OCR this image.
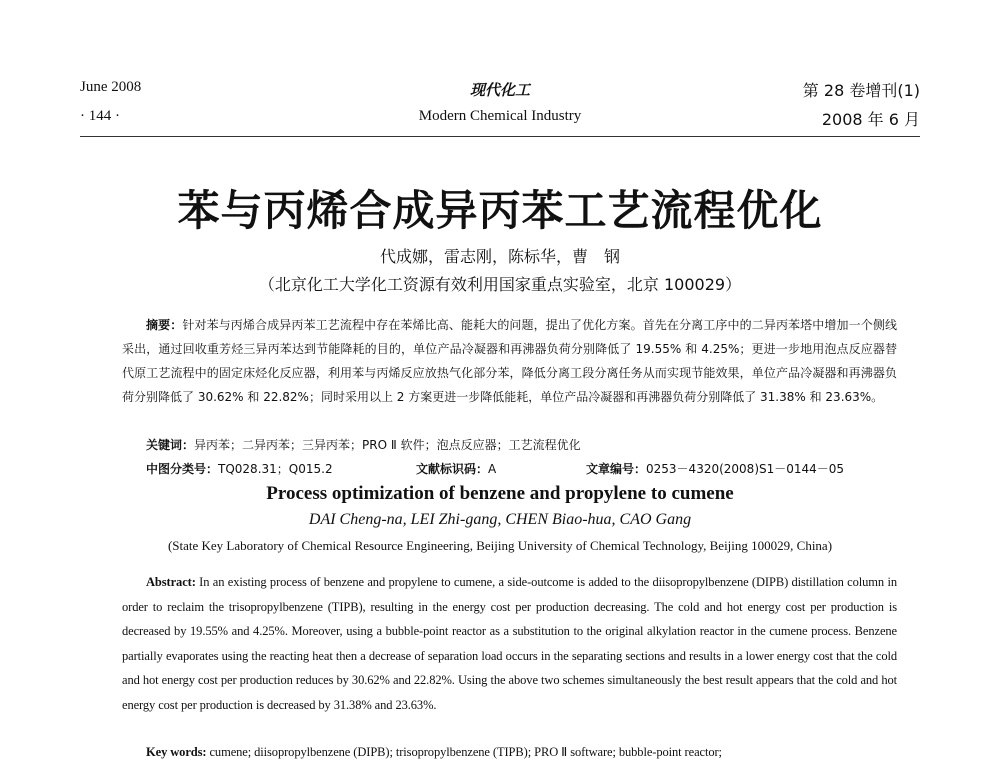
June 2008	现代化工	第 28 卷增刊(1)
· 144 ·	Modern Chemical Industry	2008 年 6 月
苯与丙烯合成异丙苯工艺流程优化
代成娜，雷志刚，陈标华，曹　钢
（北京化工大学化工资源有效利用国家重点实验室，北京 100029）
摘要：针对苯与丙烯合成异丙苯工艺流程中存在苯烯比高、能耗大的问题，提出了优化方案。首先在分离工序中的二异丙苯塔中增加一个侧线采出，通过回收重芳烃三异丙苯达到节能降耗的目的，单位产品冷凝器和再沸器负荷分别降低了 19.55% 和 4.25%；更进一步地用泡点反应器替代原工艺流程中的固定床烃化反应器，利用苯与丙烯反应放热气化部分苯，降低分离工段分离任务从而实现节能效果，单位产品冷凝器和再沸器负荷分别降低了 30.62% 和 22.82%；同时采用以上 2 方案更进一步降低能耗，单位产品冷凝器和再沸器负荷分别降低了 31.38% 和 23.63%。
关键词：异丙苯；二异丙苯；三异丙苯；PRO Ⅱ 软件；泡点反应器；工艺流程优化
中图分类号：TQ028.31；Q015.2	文献标识码：A	文章编号：0253－4320(2008)S1－0144－05
Process optimization of benzene and propylene to cumene
DAI Cheng-na, LEI Zhi-gang, CHEN Biao-hua, CAO Gang
(State Key Laboratory of Chemical Resource Engineering, Beijing University of Chemical Technology, Beijing 100029, China)
Abstract: In an existing process of benzene and propylene to cumene, a side-outcome is added to the diisopropylbenzene (DIPB) distillation column in order to reclaim the trisopropylbenzene (TIPB), resulting in the energy cost per production decreasing. The cold and hot energy cost per production is decreased by 19.55% and 4.25%. Moreover, using a bubble-point reactor as a substitution to the original alkylation reactor in the cumene process. Benzene partially evaporates using the reacting heat then a decrease of separation load occurs in the separating sections and results in a lower energy cost that the cold and hot energy cost per production reduces by 30.62% and 22.82%. Using the above two schemes simultaneously the best result appears that the cold and hot energy cost per production is decreased by 31.38% and 23.63%.
Key words: cumene; diisopropylbenzene (DIPB); trisopropylbenzene (TIPB); PRO Ⅱ software; bubble-point reactor;
